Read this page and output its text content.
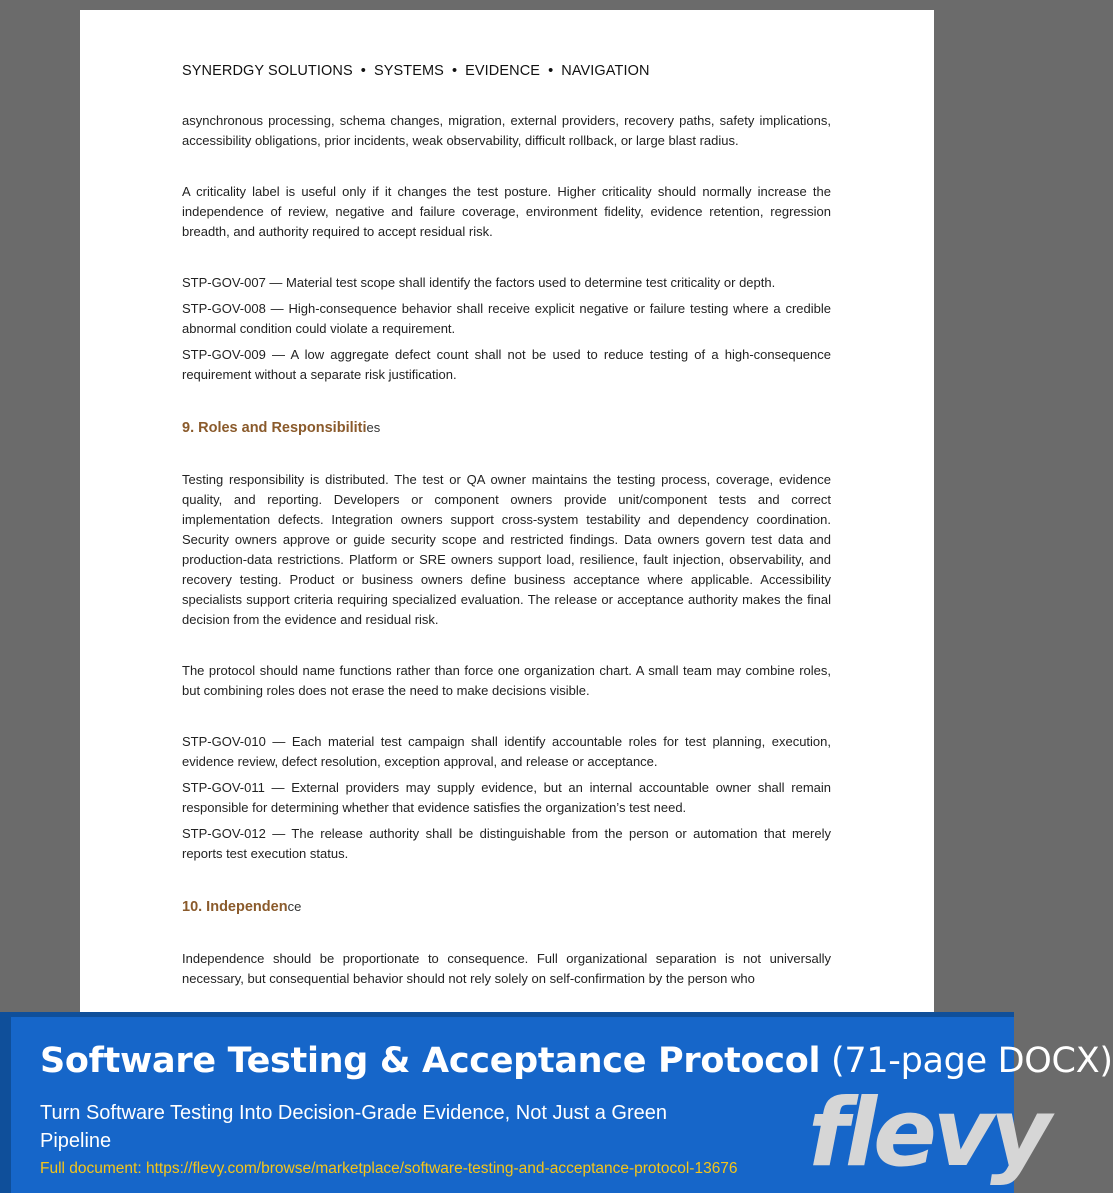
SYNERDGY SOLUTIONS • SYSTEMS • EVIDENCE • NAVIGATION

asynchronous processing, schema changes, migration, external providers, recovery paths, safety implications, accessibility obligations, prior incidents, weak observability, difficult rollback, or large blast radius.

A criticality label is useful only if it changes the test posture. Higher criticality should normally increase the independence of review, negative and failure coverage, environment fidelity, evidence retention, regression breadth, and authority required to accept residual risk.

STP-GOV-007 — Material test scope shall identify the factors used to determine test criticality or depth.

STP-GOV-008 — High-consequence behavior shall receive explicit negative or failure testing where a credible abnormal condition could violate a requirement.

STP-GOV-009 — A low aggregate defect count shall not be used to reduce testing of a high-consequence requirement without a separate risk justification.

9. Roles and Responsibilities

Testing responsibility is distributed. The test or QA owner maintains the testing process, coverage, evidence quality, and reporting. Developers or component owners provide unit/component tests and correct implementation defects. Integration owners support cross-system testability and dependency coordination. Security owners approve or guide security scope and restricted findings. Data owners govern test data and production-data restrictions. Platform or SRE owners support load, resilience, fault injection, observability, and recovery testing. Product or business owners define business acceptance where applicable. Accessibility specialists support criteria requiring specialized evaluation. The release or acceptance authority makes the final decision from the evidence and residual risk.

The protocol should name functions rather than force one organization chart. A small team may combine roles, but combining roles does not erase the need to make decisions visible.

STP-GOV-010 — Each material test campaign shall identify accountable roles for test planning, execution, evidence review, defect resolution, exception approval, and release or acceptance.

STP-GOV-011 — External providers may supply evidence, but an internal accountable owner shall remain responsible for determining whether that evidence satisfies the organization’s test need.

STP-GOV-012 — The release authority shall be distinguishable from the person or automation that merely reports test execution status.

10. Independence

Independence should be proportionate to consequence. Full organizational separation is not universally necessary, but consequential behavior should not rely solely on self-confirmation by the person who

Software Testing & Acceptance Protocol (71-page DOCX)
Turn Software Testing Into Decision-Grade Evidence, Not Just a Green Pipeline
Full document: https://flevy.com/browse/marketplace/software-testing-and-acceptance-protocol-13676 flevy
